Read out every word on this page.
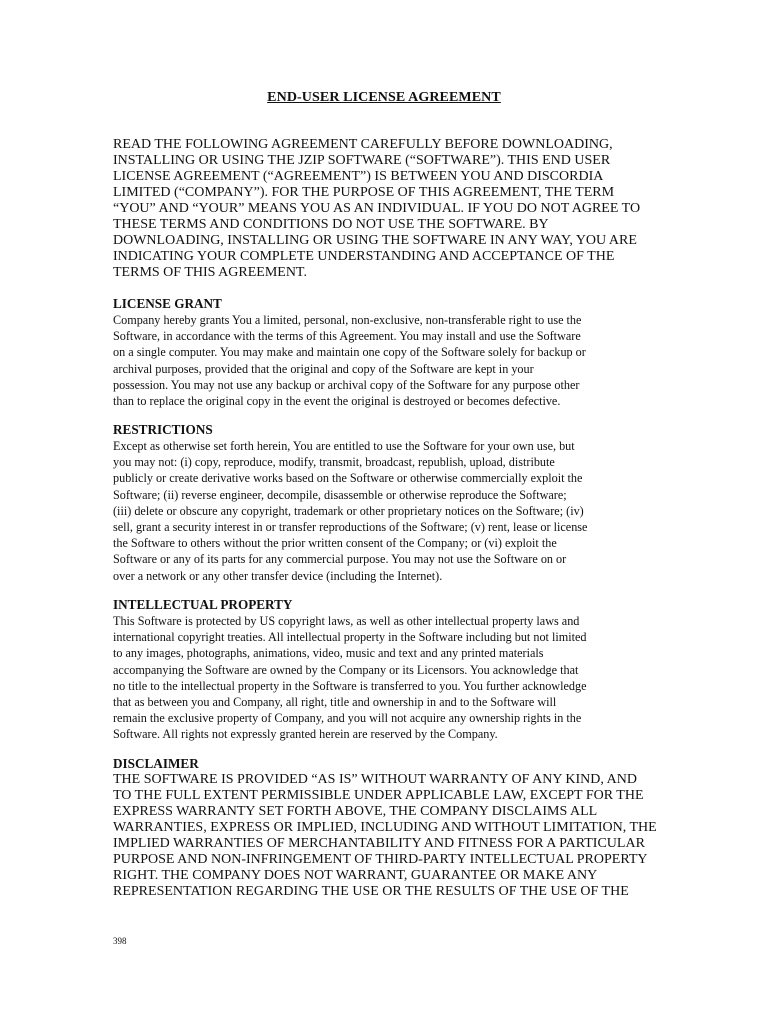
END-USER LICENSE AGREEMENT
READ THE FOLLOWING AGREEMENT CAREFULLY BEFORE DOWNLOADING,
INSTALLING OR USING THE JZIP SOFTWARE (“SOFTWARE”). THIS END USER
LICENSE AGREEMENT (“AGREEMENT”) IS BETWEEN YOU AND DISCORDIA
LIMITED (“COMPANY”). FOR THE PURPOSE OF THIS AGREEMENT, THE TERM
“YOU” AND “YOUR” MEANS YOU AS AN INDIVIDUAL. IF YOU DO NOT AGREE TO
THESE TERMS AND CONDITIONS DO NOT USE THE SOFTWARE. BY
DOWNLOADING, INSTALLING OR USING THE SOFTWARE IN ANY WAY, YOU ARE
INDICATING YOUR COMPLETE UNDERSTANDING AND ACCEPTANCE OF THE
TERMS OF THIS AGREEMENT.
LICENSE GRANT
Company hereby grants You a limited, personal, non-exclusive, non-transferable right to use the
Software, in accordance with the terms of this Agreement. You may install and use the Software
on a single computer. You may make and maintain one copy of the Software solely for backup or
archival purposes, provided that the original and copy of the Software are kept in your
possession. You may not use any backup or archival copy of the Software for any purpose other
than to replace the original copy in the event the original is destroyed or becomes defective.
RESTRICTIONS
Except as otherwise set forth herein, You are entitled to use the Software for your own use, but
you may not: (i) copy, reproduce, modify, transmit, broadcast, republish, upload, distribute
publicly or create derivative works based on the Software or otherwise commercially exploit the
Software; (ii) reverse engineer, decompile, disassemble or otherwise reproduce the Software;
(iii) delete or obscure any copyright, trademark or other proprietary notices on the Software; (iv)
sell, grant a security interest in or transfer reproductions of the Software; (v) rent, lease or license
the Software to others without the prior written consent of the Company; or (vi) exploit the
Software or any of its parts for any commercial purpose. You may not use the Software on or
over a network or any other transfer device (including the Internet).
INTELLECTUAL PROPERTY
This Software is protected by US copyright laws, as well as other intellectual property laws and
international copyright treaties. All intellectual property in the Software including but not limited
to any images, photographs, animations, video, music and text and any printed materials
accompanying the Software are owned by the Company or its Licensors. You acknowledge that
no title to the intellectual property in the Software is transferred to you. You further acknowledge
that as between you and Company, all right, title and ownership in and to the Software will
remain the exclusive property of Company, and you will not acquire any ownership rights in the
Software. All rights not expressly granted herein are reserved by the Company.
DISCLAIMER
THE SOFTWARE IS PROVIDED “AS IS” WITHOUT WARRANTY OF ANY KIND, AND
TO THE FULL EXTENT PERMISSIBLE UNDER APPLICABLE LAW, EXCEPT FOR THE
EXPRESS WARRANTY SET FORTH ABOVE, THE COMPANY DISCLAIMS ALL
WARRANTIES, EXPRESS OR IMPLIED, INCLUDING AND WITHOUT LIMITATION, THE
IMPLIED WARRANTIES OF MERCHANTABILITY AND FITNESS FOR A PARTICULAR
PURPOSE AND NON-INFRINGEMENT OF THIRD-PARTY INTELLECTUAL PROPERTY
RIGHT. THE COMPANY DOES NOT WARRANT, GUARANTEE OR MAKE ANY
REPRESENTATION REGARDING THE USE OR THE RESULTS OF THE USE OF THE
398
